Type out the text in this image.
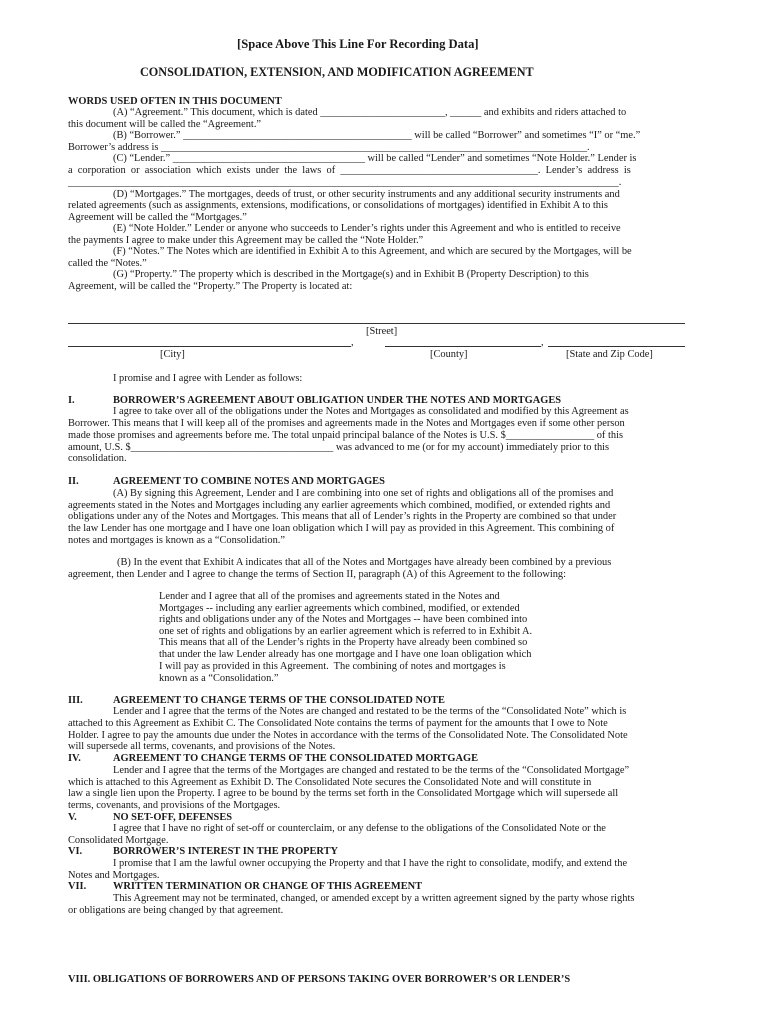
[Space Above This Line For Recording Data]
CONSOLIDATION, EXTENSION, AND MODIFICATION AGREEMENT
WORDS USED OFTEN IN THIS DOCUMENT
(A) “Agreement.” This document, which is dated ________________________, ______ and exhibits and riders attached to
this document will be called the “Agreement.”
(B) “Borrower.” ____________________________________________ will be called “Borrower” and sometimes “I” or “me.”
Borrower’s address is __________________________________________________________________________________.
(C) “Lender.” _____________________________________ will be called “Lender” and sometimes “Note Holder.” Lender is
a  corporation  or  association  which  exists  under  the  laws  of  ______________________________________.  Lender’s  address  is
__________________________________________________________________________________________________________.
(D) “Mortgages.” The mortgages, deeds of trust, or other security instruments and any additional security instruments and
related agreements (such as assignments, extensions, modifications, or consolidations of mortgages) identified in Exhibit A to this
Agreement will be called the “Mortgages.”
(E) “Note Holder.” Lender or anyone who succeeds to Lender’s rights under this Agreement and who is entitled to receive
the payments I agree to make under this Agreement may be called the “Note Holder.”
(F) “Notes.” The Notes which are identified in Exhibit A to this Agreement, and which are secured by the Mortgages, will be
called the “Notes.”
(G) “Property.” The property which is described in the Mortgage(s) and in Exhibit B (Property Description) to this
Agreement, will be called the “Property.” The Property is located at:
[Street]
,	,
[City]	[County]	[State and Zip Code]
I promise and I agree with Lender as follows:
I.	BORROWER’S AGREEMENT ABOUT OBLIGATION UNDER THE NOTES AND MORTGAGES
I agree to take over all of the obligations under the Notes and Mortgages as consolidated and modified by this Agreement as
Borrower. This means that I will keep all of the promises and agreements made in the Notes and Mortgages even if some other person
made those promises and agreements before me. The total unpaid principal balance of the Notes is U.S. $_________________ of this
amount, U.S. $_______________________________________ was advanced to me (or for my account) immediately prior to this
consolidation.
II.	AGREEMENT TO COMBINE NOTES AND MORTGAGES
(A) By signing this Agreement, Lender and I are combining into one set of rights and obligations all of the promises and
agreements stated in the Notes and Mortgages including any earlier agreements which combined, modified, or extended rights and
obligations under any of the Notes and Mortgages. This means that all of Lender’s rights in the Property are combined so that under
the law Lender has one mortgage and I have one loan obligation which I will pay as provided in this Agreement. This combining of
notes and mortgages is known as a “Consolidation.”
(B) In the event that Exhibit A indicates that all of the Notes and Mortgages have already been combined by a previous
agreement, then Lender and I agree to change the terms of Section II, paragraph (A) of this Agreement to the following:
Lender and I agree that all of the promises and agreements stated in the Notes and
Mortgages -- including any earlier agreements which combined, modified, or extended
rights and obligations under any of the Notes and Mortgages -- have been combined into
one set of rights and obligations by an earlier agreement which is referred to in Exhibit A.
This means that all of the Lender’s rights in the Property have already been combined so
that under the law Lender already has one mortgage and I have one loan obligation which
I will pay as provided in this Agreement.  The combining of notes and mortgages is
known as a “Consolidation.”
III.	AGREEMENT TO CHANGE TERMS OF THE CONSOLIDATED NOTE
Lender and I agree that the terms of the Notes are changed and restated to be the terms of the “Consolidated Note” which is
attached to this Agreement as Exhibit C. The Consolidated Note contains the terms of payment for the amounts that I owe to Note
Holder. I agree to pay the amounts due under the Notes in accordance with the terms of the Consolidated Note. The Consolidated Note
will supersede all terms, covenants, and provisions of the Notes.
IV.	AGREEMENT TO CHANGE TERMS OF THE CONSOLIDATED MORTGAGE
Lender and I agree that the terms of the Mortgages are changed and restated to be the terms of the “Consolidated Mortgage”
which is attached to this Agreement as Exhibit D. The Consolidated Note secures the Consolidated Note and will constitute in
law a single lien upon the Property. I agree to be bound by the terms set forth in the Consolidated Mortgage which will supersede all
terms, covenants, and provisions of the Mortgages.
V.	NO SET-OFF, DEFENSES
I agree that I have no right of set-off or counterclaim, or any defense to the obligations of the Consolidated Note or the
Consolidated Mortgage.
VI.	BORROWER’S INTEREST IN THE PROPERTY
I promise that I am the lawful owner occupying the Property and that I have the right to consolidate, modify, and extend the
Notes and Mortgages.
VII.	WRITTEN TERMINATION OR CHANGE OF THIS AGREEMENT
This Agreement may not be terminated, changed, or amended except by a written agreement signed by the party whose rights
or obligations are being changed by that agreement.
VIII. OBLIGATIONS OF BORROWERS AND OF PERSONS TAKING OVER BORROWER’S OR LENDER’S
